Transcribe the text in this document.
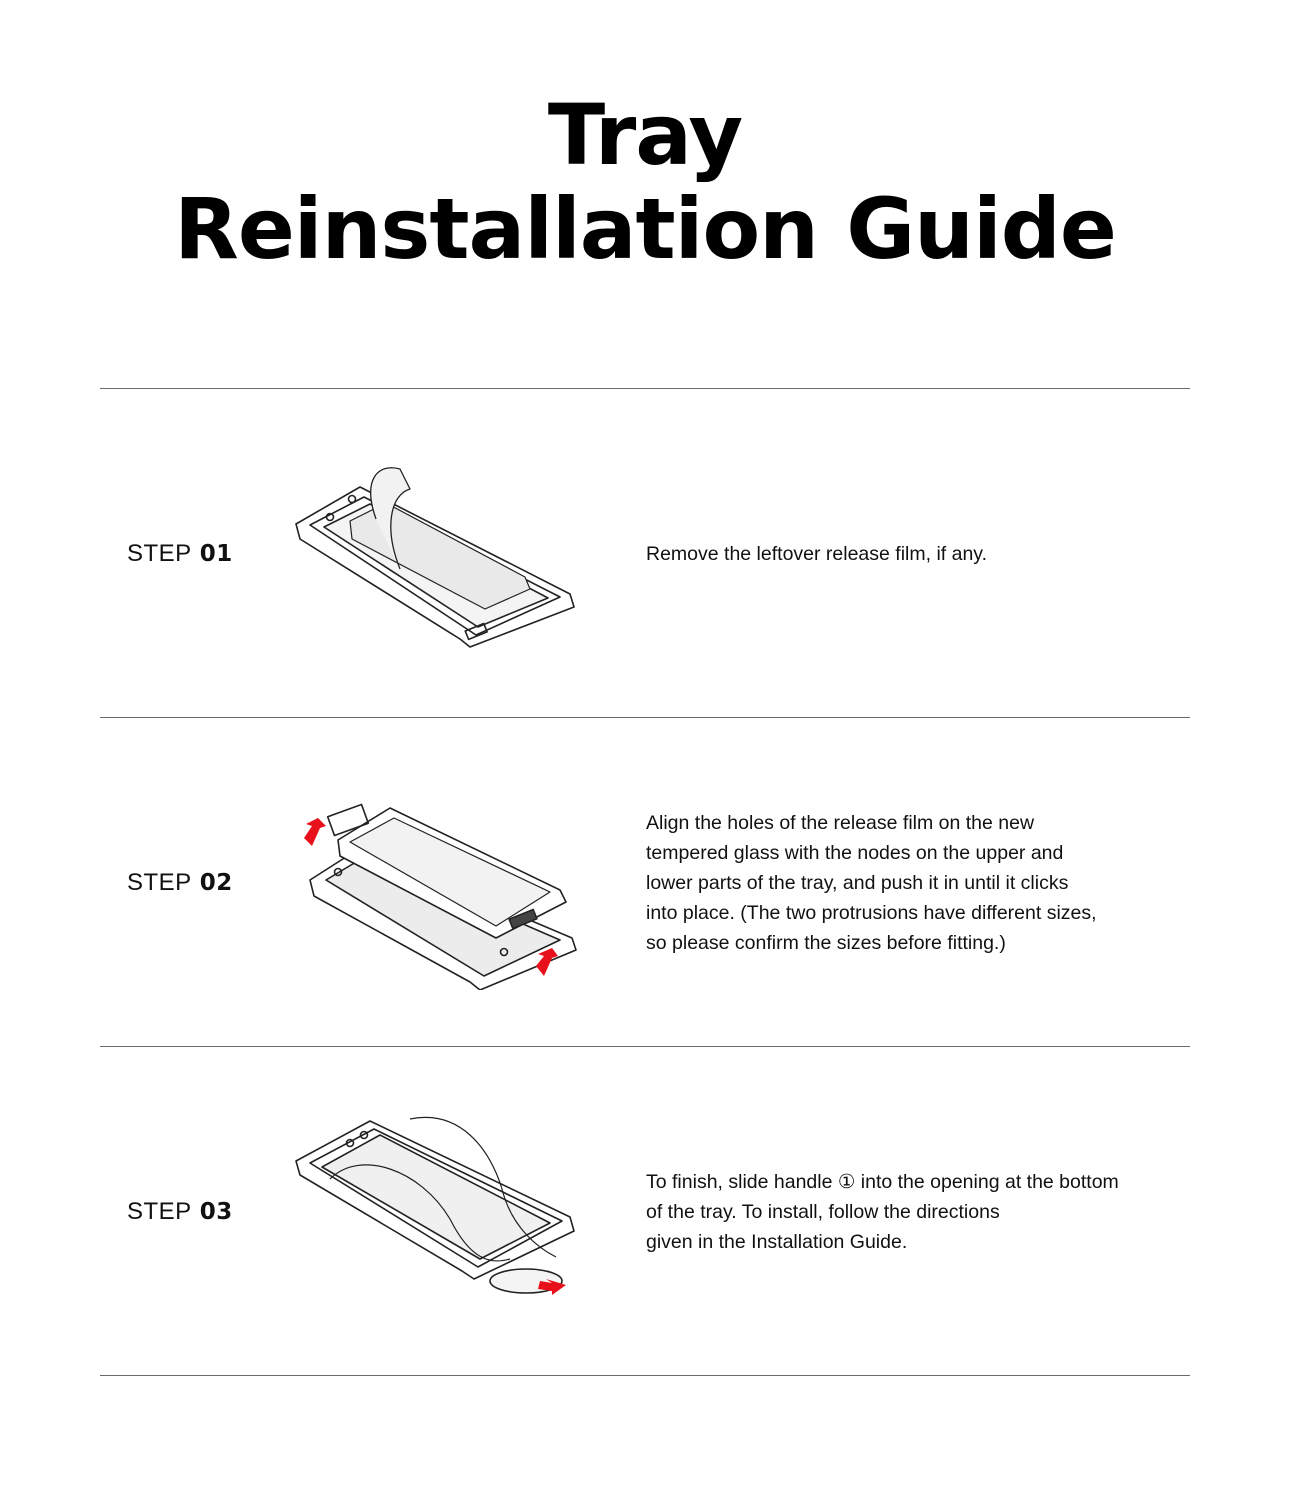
Tray
Reinstallation Guide
STEP 01	Remove the leftover release film, if any.
STEP 02
Align the holes of the release film on the new
tempered glass with the nodes on the upper and
lower parts of the tray, and push it in until it clicks
into place. (The two protrusions have different sizes,
so please confirm the sizes before fitting.)
STEP 03
To finish, slide handle ① into the opening at the bottom
of the tray. To install, follow the directions
given in the Installation Guide.
